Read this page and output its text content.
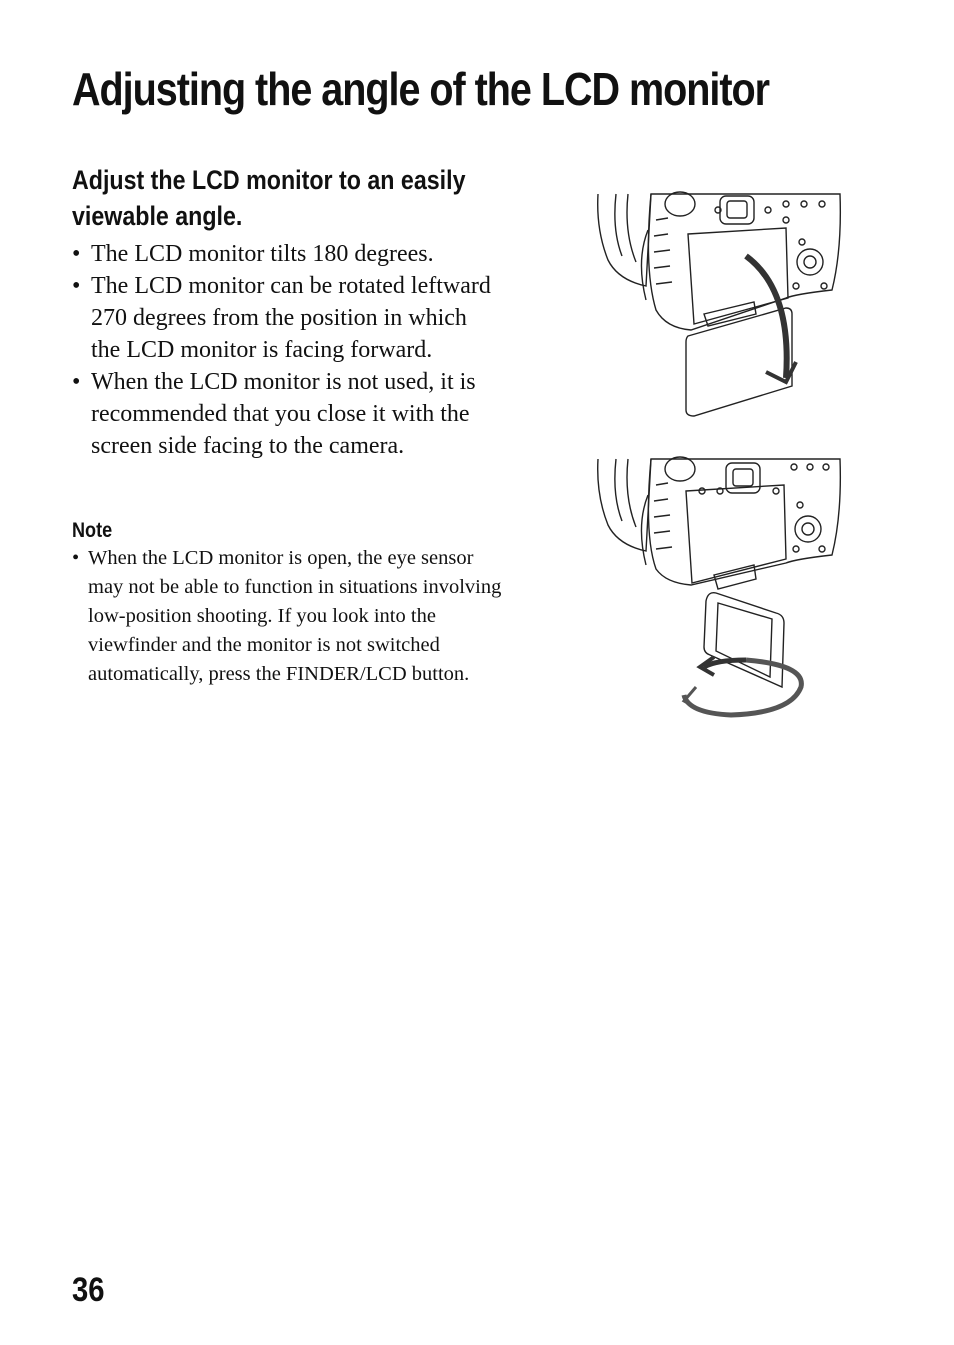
Adjusting the angle of the LCD monitor
Adjust the LCD monitor to an easily viewable angle.
• The LCD monitor tilts 180 degrees.
• The LCD monitor can be rotated leftward 270 degrees from the position in which the LCD monitor is facing forward.
• When the LCD monitor is not used, it is recommended that you close it with the screen side facing to the camera.
Note
• When the LCD monitor is open, the eye sensor may not be able to function in situations involving low-position shooting. If you look into the viewfinder and the monitor is not switched automatically, press the FINDER/LCD button.
36
